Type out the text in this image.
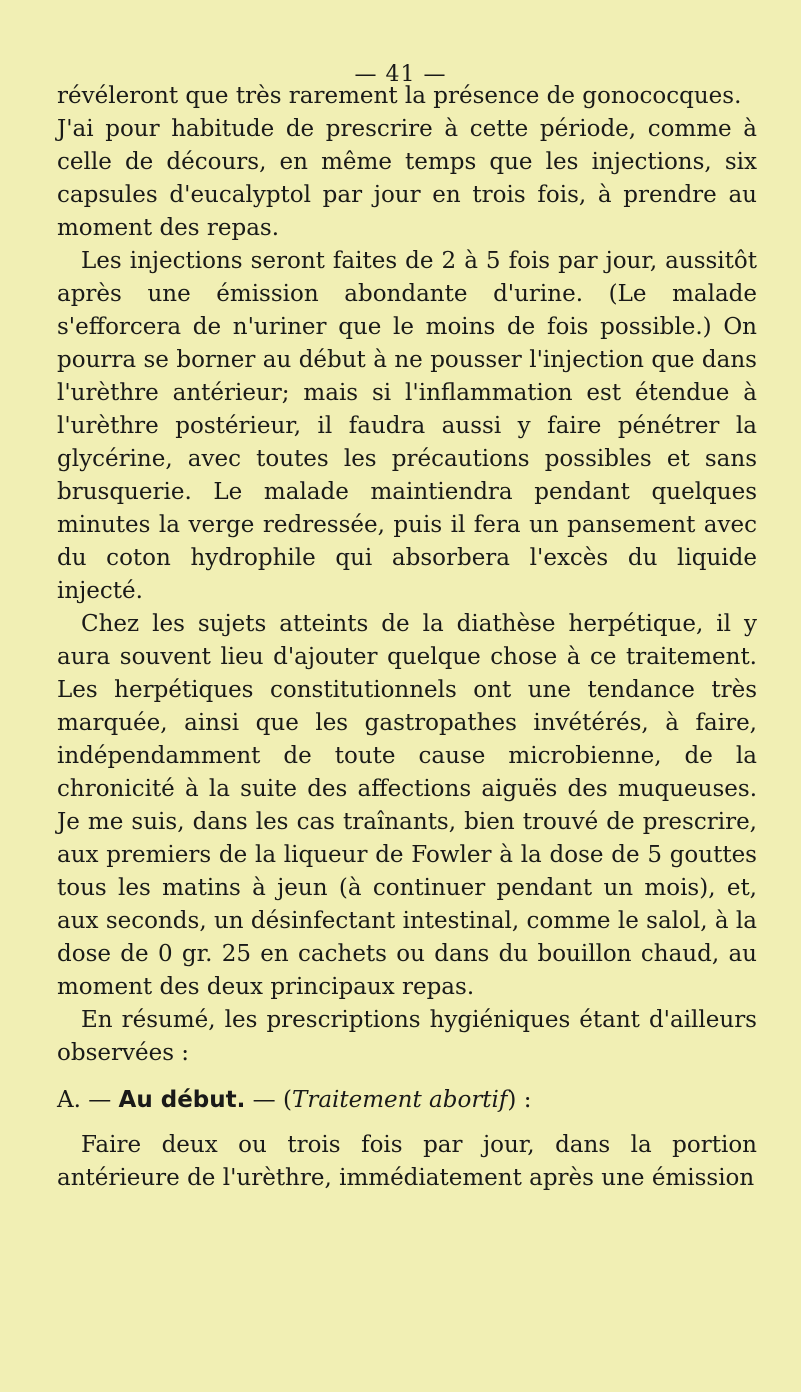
— 41 —

révéleront que très rarement la présence de gonococques.

J'ai pour habitude de prescrire à cette période, comme à celle de décours, en même temps que les injections, six capsules d'eucalyptol par jour en trois fois, à prendre au moment des repas.

Les injections seront faites de 2 à 5 fois par jour, aussitôt après une émission abondante d'urine. (Le malade s'efforcera de n'uriner que le moins de fois possible.) On pourra se borner au début à ne pousser l'injection que dans l'urèthre antérieur; mais si l'inflammation est étendue à l'urèthre postérieur, il faudra aussi y faire pénétrer la glycérine, avec toutes les précautions possibles et sans brusquerie. Le malade maintiendra pendant quelques minutes la verge redressée, puis il fera un pansement avec du coton hydrophile qui absorbera l'excès du liquide injecté.

Chez les sujets atteints de la diathèse herpétique, il y aura souvent lieu d'ajouter quelque chose à ce traitement. Les herpétiques constitutionnels ont une tendance très marquée, ainsi que les gastropathes invétérés, à faire, indépendamment de toute cause microbienne, de la chronicité à la suite des affections aiguës des muqueuses. Je me suis, dans les cas traînants, bien trouvé de prescrire, aux premiers de la liqueur de Fowler à la dose de 5 gouttes tous les matins à jeun (à continuer pendant un mois), et, aux seconds, un désinfectant intestinal, comme le salol, à la dose de 0 gr. 25 en cachets ou dans du bouillon chaud, au moment des deux principaux repas.

En résumé, les prescriptions hygiéniques étant d'ailleurs observées :

A. — Au début. — (Traitement abortif) :

Faire deux ou trois fois par jour, dans la portion antérieure de l'urèthre, immédiatement après une émission
